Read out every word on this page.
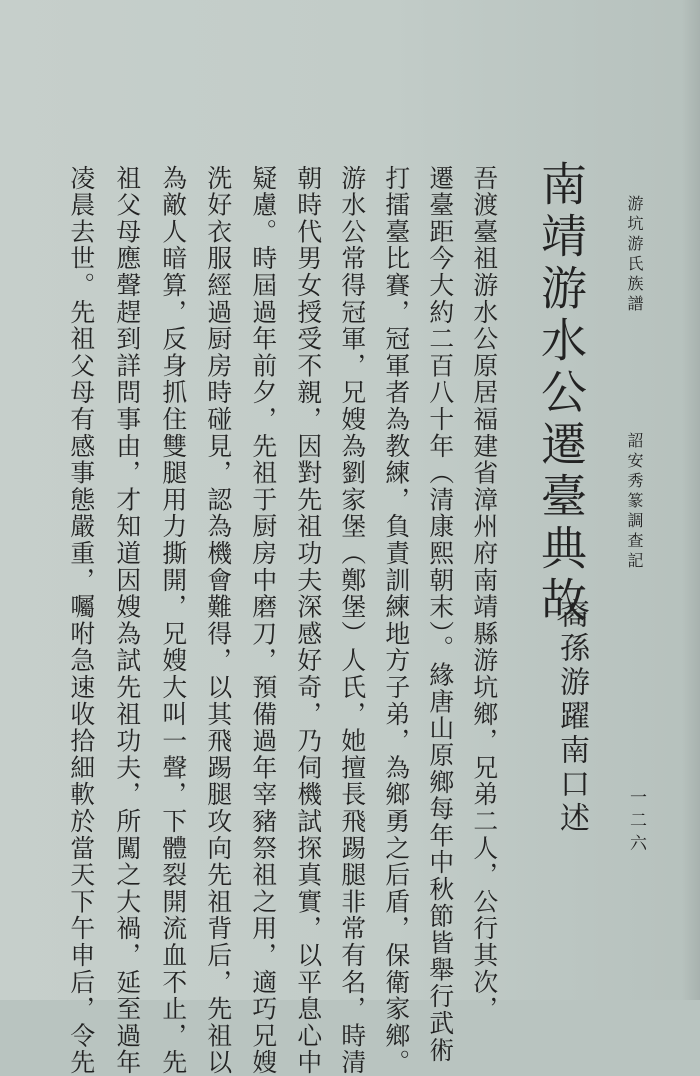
游坑游氏族譜
詔安秀篆調查記
一二六
南靖游水公遷臺典故
裔孫游躍南口述
吾渡臺祖游水公原居福建省漳州府南靖縣游坑鄉，兄弟二人，公行其次，
遷臺距今大約二百八十年（清康熙朝末）。緣唐山原鄉每年中秋節皆舉行武術
打擂臺比賽，冠軍者為教練，負責訓練地方子弟，為鄉勇之后盾，保衛家鄉。
游水公常得冠軍，兄嫂為劉家堡（鄭堡）人氏，她擅長飛踢腿非常有名，時清
朝時代男女授受不親，因對先祖功夫深感好奇，乃伺機試探真實，以平息心中
疑慮。時屆過年前夕，先祖于厨房中磨刀，預備過年宰豬祭祖之用，適巧兄嫂
洗好衣服經過厨房時碰見，認為機會難得，以其飛踢腿攻向先祖背后，先祖以
為敵人暗算，反身抓住雙腿用力撕開，兄嫂大叫一聲，下體裂開流血不止，先
祖父母應聲趕到詳問事由，才知道因嫂為試先祖功夫，所闖之大禍，延至過年
凌晨去世。先祖父母有感事態嚴重，囑咐急速收拾細軟於當天下午申后，令先
